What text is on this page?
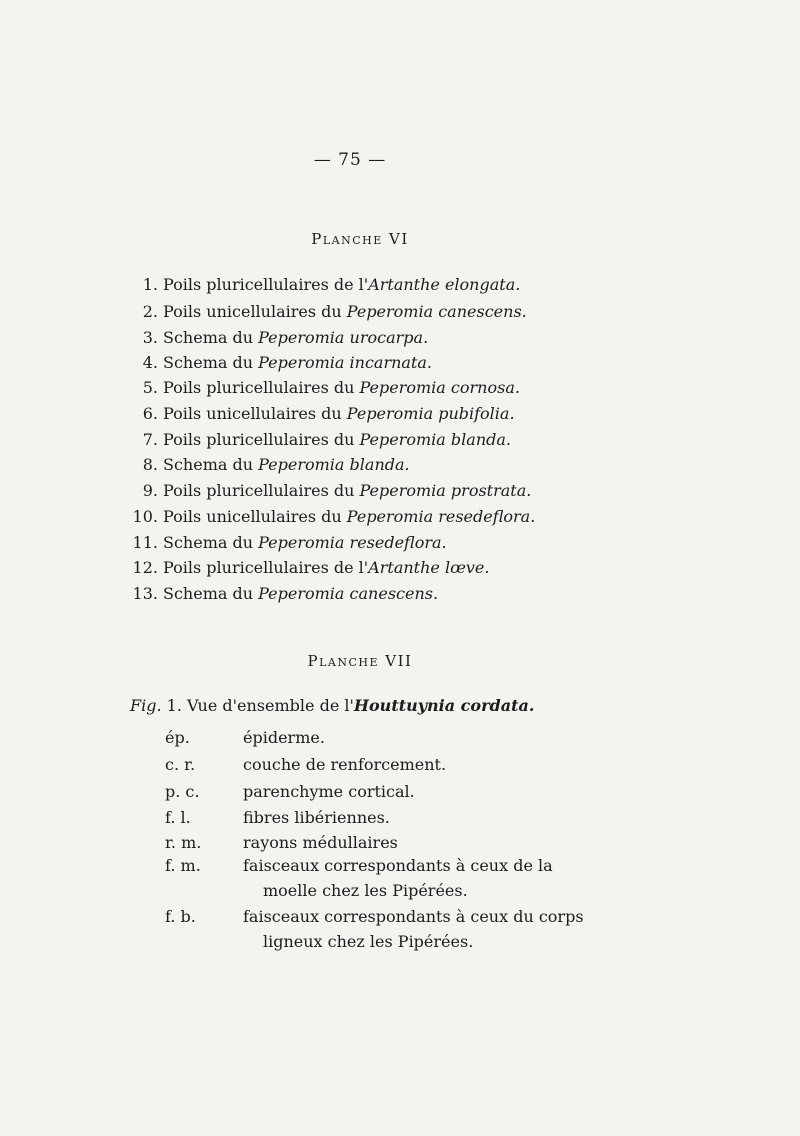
— 75 —
Planche VI
1. Poils pluricellulaires de l'Artanthe elongata.
2. Poils unicellulaires du Peperomia canescens.
3. Schema du Peperomia urocarpa.
4. Schema du Peperomia incarnata.
5. Poils pluricellulaires du Peperomia cornosa.
6. Poils unicellulaires du Peperomia pubifolia.
7. Poils pluricellulaires du Peperomia blanda.
8. Schema du Peperomia blanda.
9. Poils pluricellulaires du Peperomia prostrata.
10. Poils unicellulaires du Peperomia resedeflora.
11. Schema du Peperomia resedeflora.
12. Poils pluricellulaires de l'Artanthe lœve.
13. Schema du Peperomia canescens.
Planche VII
Fig. 1. Vue d'ensemble de l'Houttuynia cordata.
ép.	épiderme.
c. r.	couche de renforcement.
p. c.	parenchyme cortical.
f. l.	fibres libériennes.
r. m.	rayons médullaires
f. m.	faisceaux correspondants à ceux de la
moelle chez les Pipérées.
f. b.	faisceaux correspondants à ceux du corps
ligneux chez les Pipérées.
